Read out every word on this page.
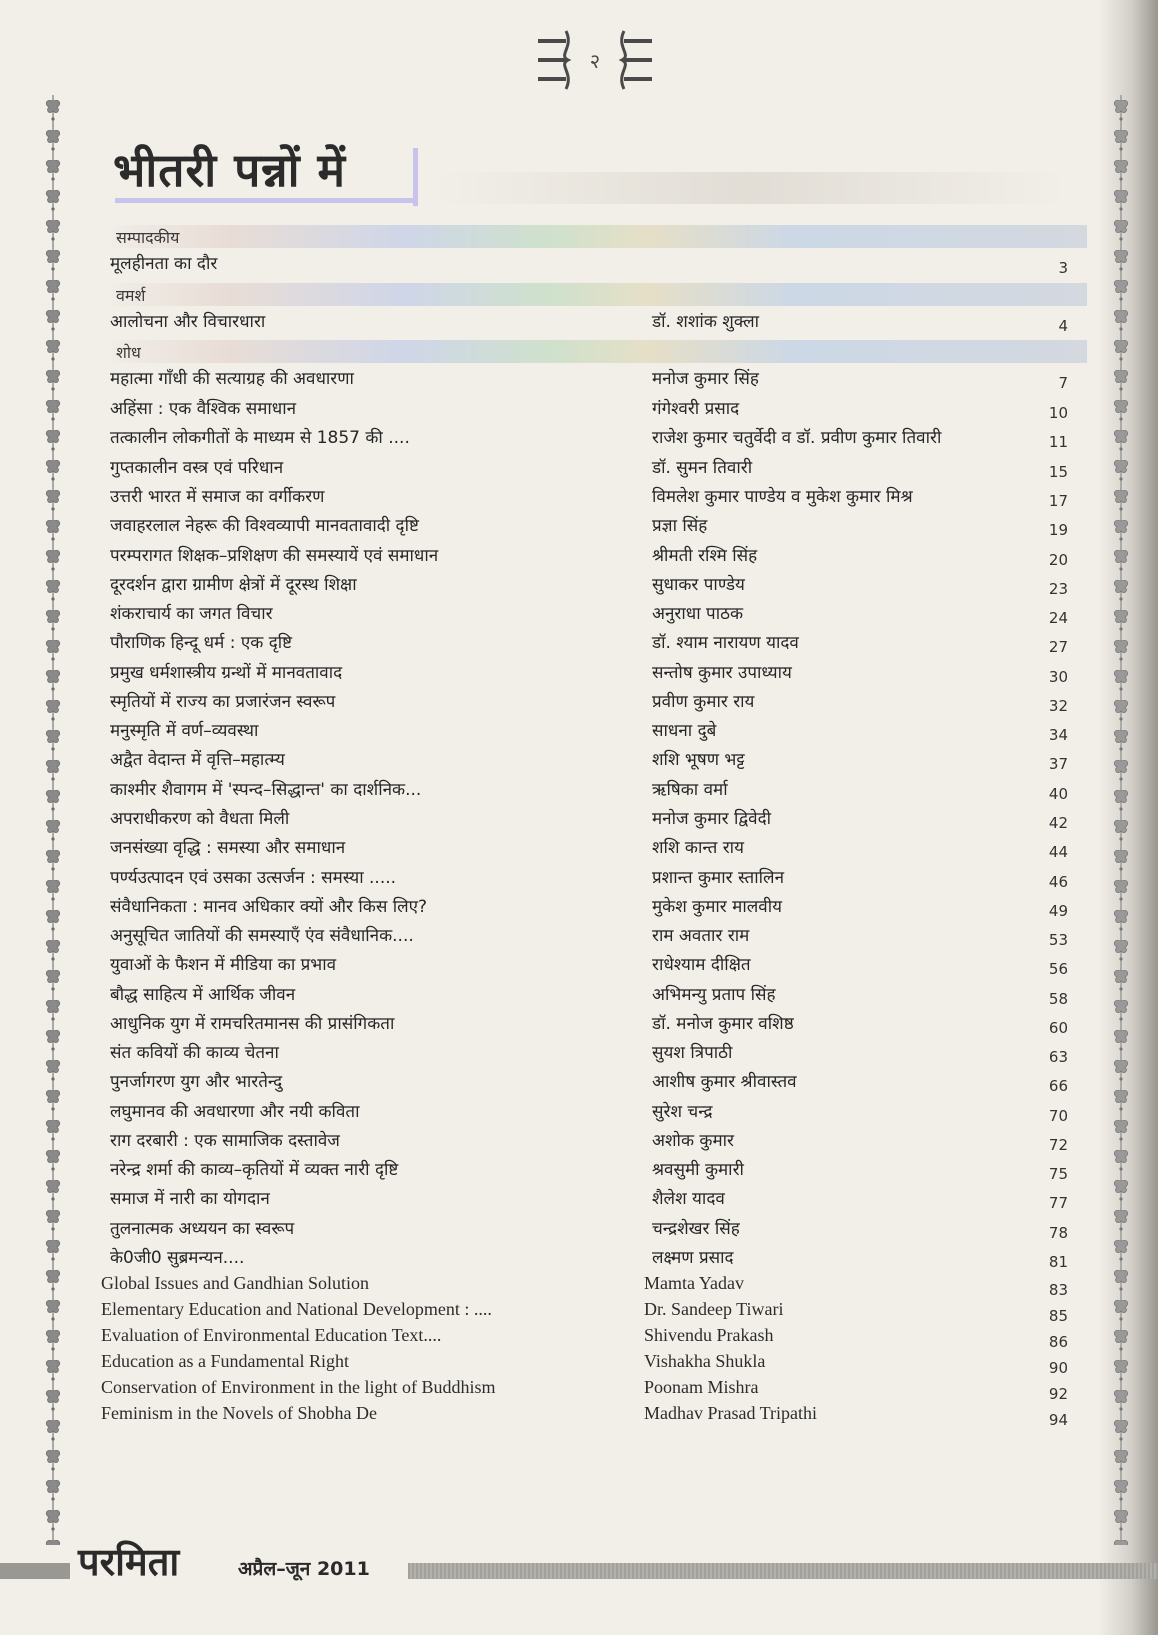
२
भीतरी पन्नों में
सम्पादकीय
मूलहीनता का दौर	3
वमर्श
आलोचना और विचारधारा	डॉ. शशांक शुक्ला	4
शोध
महात्मा गाँधी की सत्याग्रह की अवधारणा	मनोज कुमार सिंह	7
अहिंसा : एक वैश्विक समाधान	गंगेश्वरी प्रसाद	10
तत्कालीन लोकगीतों के माध्यम से 1857 की ....	राजेश कुमार चतुर्वेदी व डॉ. प्रवीण कुमार तिवारी	11
गुप्तकालीन वस्त्र एवं परिधान	डॉ. सुमन तिवारी	15
उत्तरी भारत में समाज का वर्गीकरण	विमलेश कुमार पाण्डेय व मुकेश कुमार मिश्र	17
जवाहरलाल नेहरू की विश्वव्यापी मानवतावादी दृष्टि	प्रज्ञा सिंह	19
परम्परागत शिक्षक–प्रशिक्षण की समस्यायें एवं समाधान	श्रीमती रश्मि सिंह	20
दूरदर्शन द्वारा ग्रामीण क्षेत्रों में दूरस्थ शिक्षा	सुधाकर पाण्डेय	23
शंकराचार्य का जगत विचार	अनुराधा पाठक	24
पौराणिक हिन्दू धर्म : एक दृष्टि	डॉ. श्याम नारायण यादव	27
प्रमुख धर्मशास्त्रीय ग्रन्थों में मानवतावाद	सन्तोष कुमार उपाध्याय	30
स्मृतियों में राज्य का प्रजारंजन स्वरूप	प्रवीण कुमार राय	32
मनुस्मृति में वर्ण–व्यवस्था	साधना दुबे	34
अद्वैत वेदान्त में वृत्ति–महात्म्य	शशि भूषण भट्ट	37
काश्मीर शैवागम में 'स्पन्द–सिद्धान्त' का दार्शनिक...	ऋषिका वर्मा	40
अपराधीकरण को वैधता मिली	मनोज कुमार द्विवेदी	42
जनसंख्या वृद्धि : समस्या और समाधान	शशि कान्त राय	44
पर्ण्यउत्पादन एवं उसका उत्सर्जन : समस्या .....	प्रशान्त कुमार स्तालिन	46
संवैधानिकता : मानव अधिकार क्यों और किस लिए?	मुकेश कुमार मालवीय	49
अनुसूचित जातियों की समस्याएँ एंव संवैधानिक....	राम अवतार राम	53
युवाओं के फैशन में मीडिया का प्रभाव	राधेश्याम दीक्षित	56
बौद्ध साहित्य में आर्थिक जीवन	अभिमन्यु प्रताप सिंह	58
आधुनिक युग में रामचरितमानस की प्रासंगिकता	डॉ. मनोज कुमार वशिष्ठ	60
संत कवियों की काव्य चेतना	सुयश त्रिपाठी	63
पुनर्जागरण युग और भारतेन्दु	आशीष कुमार श्रीवास्तव	66
लघुमानव की अवधारणा और नयी कविता	सुरेश चन्द्र	70
राग दरबारी : एक सामाजिक दस्तावेज	अशोक कुमार	72
नरेन्द्र शर्मा की काव्य–कृतियों में व्यक्त नारी दृष्टि	श्रवसुमी कुमारी	75
समाज में नारी का योगदान	शैलेश यादव	77
तुलनात्मक अध्ययन का स्वरूप	चन्द्रशेखर सिंह	78
के0जी0 सुब्रमन्यन....	लक्ष्मण प्रसाद	81
Global Issues and Gandhian Solution	Mamta Yadav	83
Elementary Education and National Development : ....	Dr. Sandeep Tiwari	85
Evaluation of Environmental Education Text....	Shivendu Prakash	86
Education as a Fundamental Right	Vishakha Shukla	90
Conservation of Environment in the light of Buddhism	Poonam Mishra	92
Feminism in the Novels of Shobha De	Madhav Prasad Tripathi	94
परमिता	अप्रैल–जून 2011
